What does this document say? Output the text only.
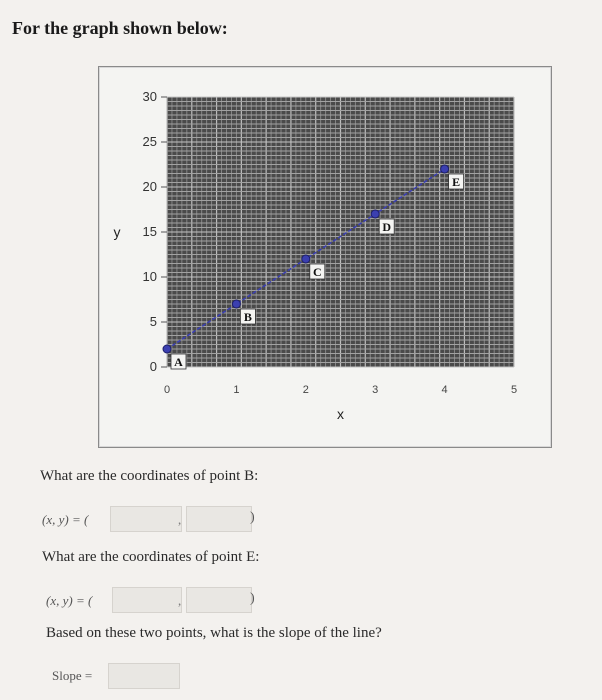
For the graph shown below:
0
5
10
15
20
25
30
0	1	2	3	4	5
x
y
A
B
C
D
E
What are the coordinates of point B:
(x, y) = (	,	)
What are the coordinates of point E:
(x, y) = (	,	)
Based on these two points, what is the slope of the line?
Slope =
